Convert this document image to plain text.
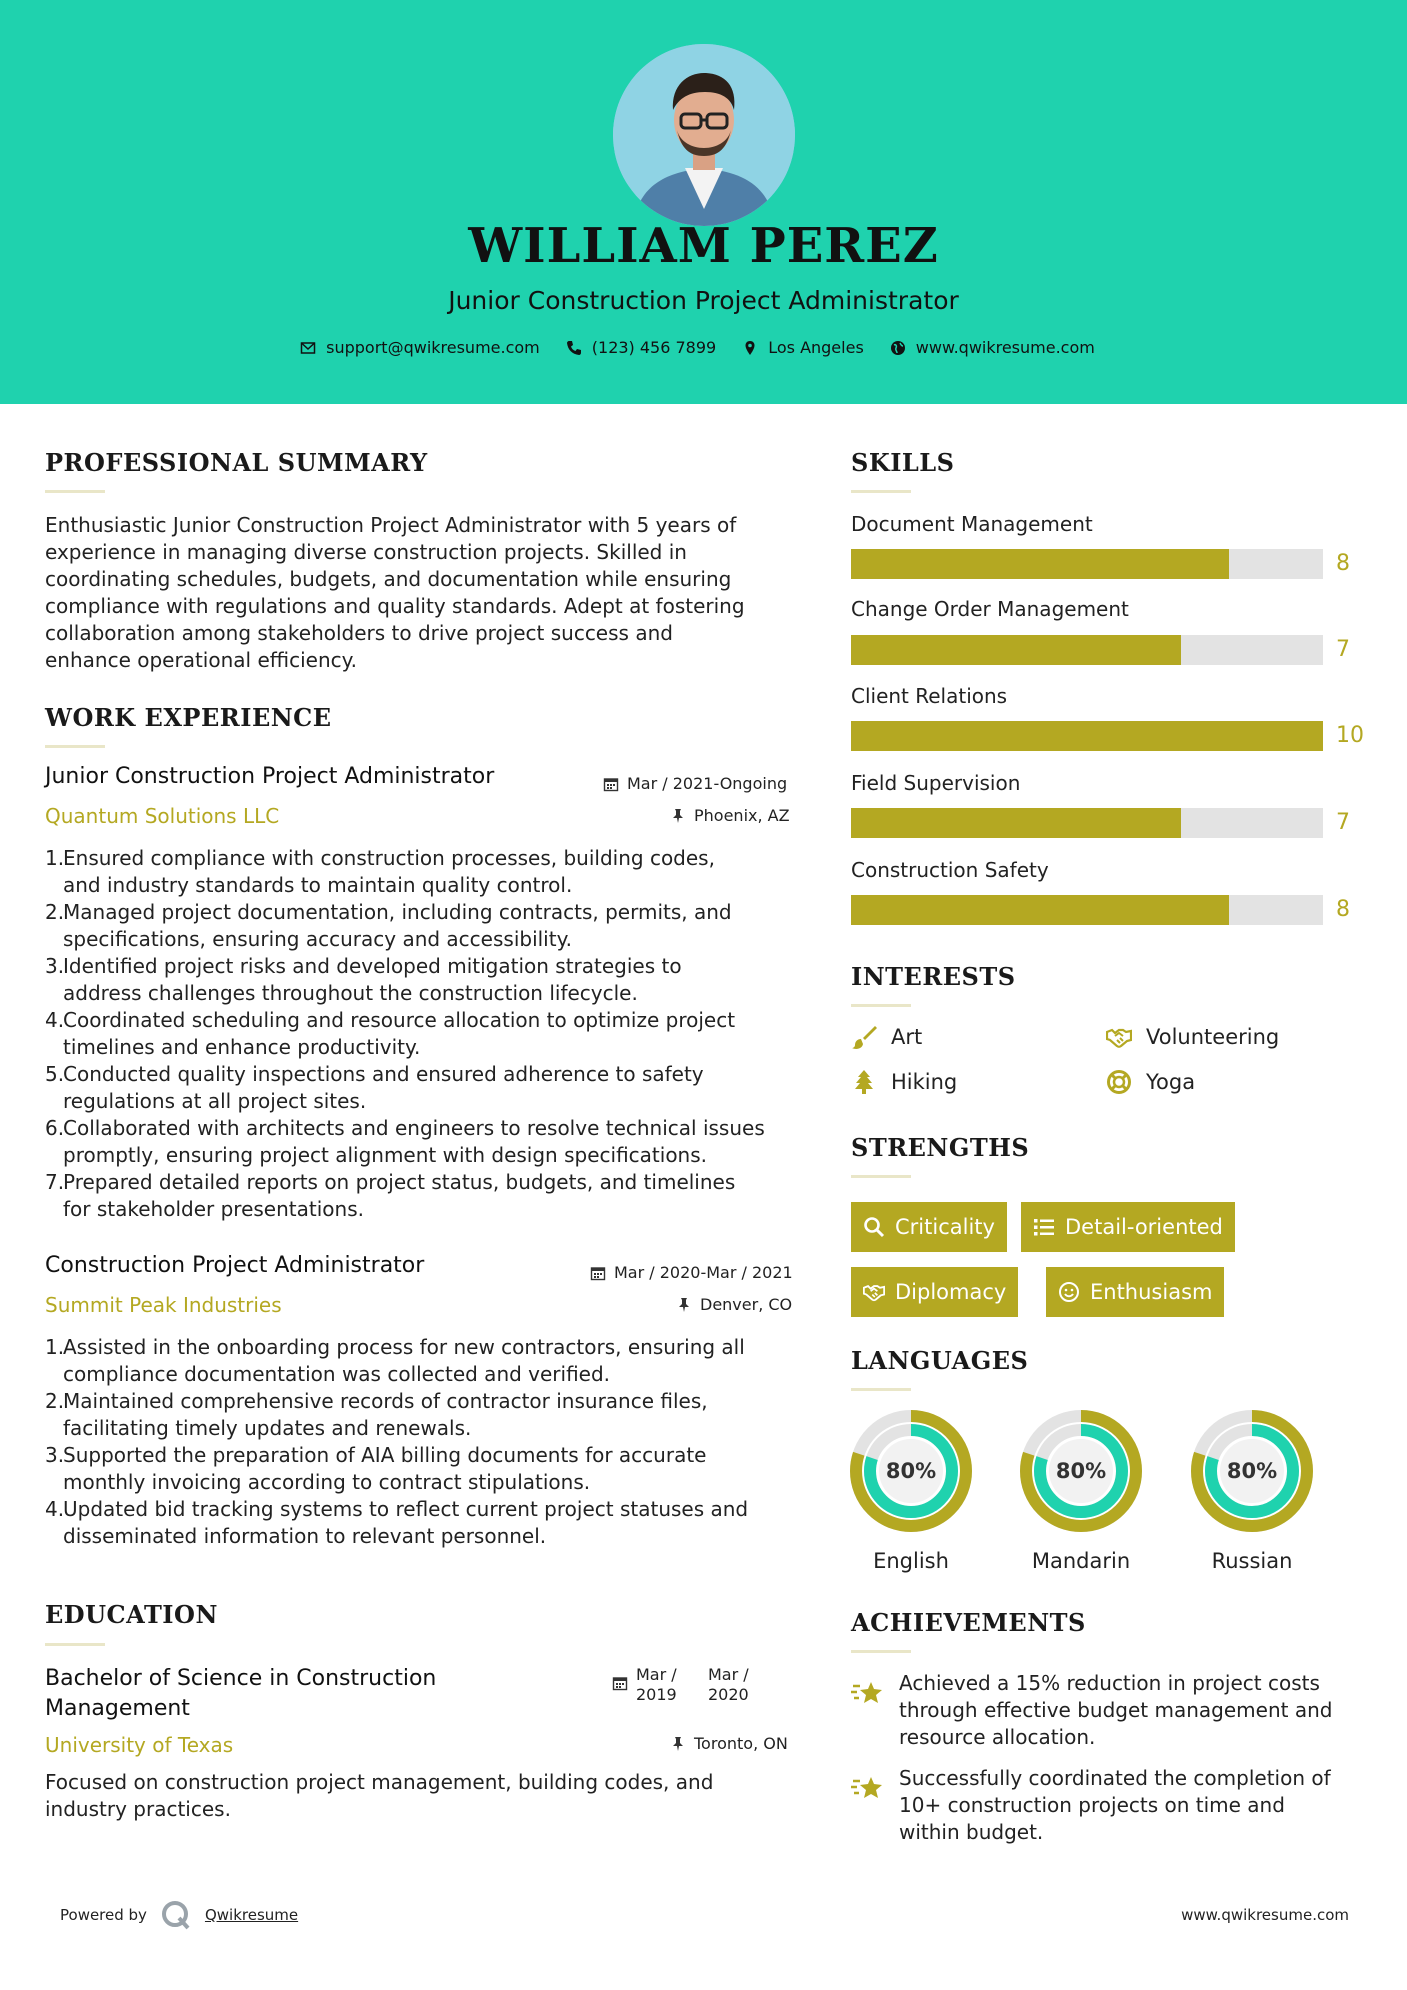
WILLIAM PEREZ
Junior Construction Project Administrator
support@qwikresume.com	(123) 456 7899	Los Angeles	www.qwikresume.com
PROFESSIONAL SUMMARY
Enthusiastic Junior Construction Project Administrator with 5 years of
experience in managing diverse construction projects. Skilled in
coordinating schedules, budgets, and documentation while ensuring
compliance with regulations and quality standards. Adept at fostering
collaboration among stakeholders to drive project success and
enhance operational efficiency.
WORK EXPERIENCE
Junior Construction Project Administrator
Quantum Solutions LLC
Mar / 2021-Ongoing
Phoenix, AZ
1.
Ensured compliance with construction processes, building codes,
and industry standards to maintain quality control.
2.
Managed project documentation, including contracts, permits, and
specifications, ensuring accuracy and accessibility.
3.
Identified project risks and developed mitigation strategies to
address challenges throughout the construction lifecycle.
4.
Coordinated scheduling and resource allocation to optimize project
timelines and enhance productivity.
5.
Conducted quality inspections and ensured adherence to safety
regulations at all project sites.
6.
Collaborated with architects and engineers to resolve technical issues
promptly, ensuring project alignment with design specifications.
7.
Prepared detailed reports on project status, budgets, and timelines
for stakeholder presentations.
Construction Project Administrator
Summit Peak Industries
Mar / 2020-Mar / 2021
Denver, CO
1.
Assisted in the onboarding process for new contractors, ensuring all
compliance documentation was collected and verified.
2.
Maintained comprehensive records of contractor insurance files,
facilitating timely updates and renewals.
3.
Supported the preparation of AIA billing documents for accurate
monthly invoicing according to contract stipulations.
4.
Updated bid tracking systems to reflect current project statuses and
disseminated information to relevant personnel.
EDUCATION
Bachelor of Science in Construction
Management
University of Texas
Mar /
2019
Mar /
2020
Toronto, ON
Focused on construction project management, building codes, and
industry practices.
SKILLS
Document Management
8
Change Order Management
7
Client Relations
10
Field Supervision
7
Construction Safety
8
INTERESTS
Art	Volunteering
Hiking	Yoga
STRENGTHS
Criticality	Detail-oriented
Diplomacy	Enthusiasm
LANGUAGES
80%
English
80%
Mandarin
80%
Russian
ACHIEVEMENTS
Achieved a 15% reduction in project costs
through effective budget management and
resource allocation.
Successfully coordinated the completion of
10+ construction projects on time and
within budget.
Powered by	Qwikresume	www.qwikresume.com
